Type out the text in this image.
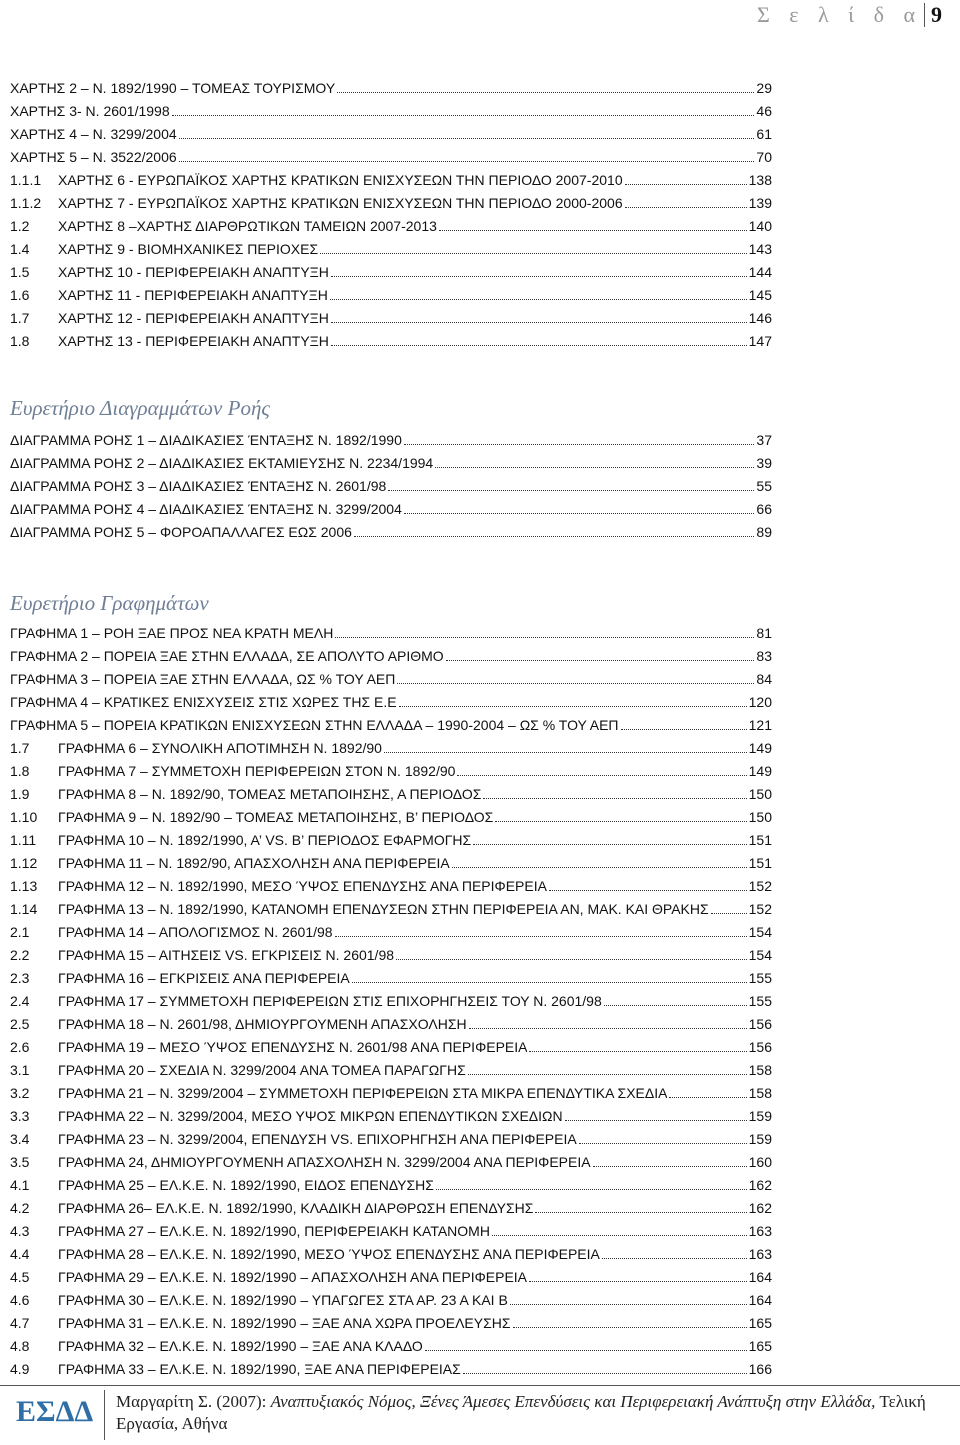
Σ ε λ ί δ α 9
ΧΑΡΤΗΣ 2 – Ν. 1892/1990 – ΤΟΜΕΑΣ ΤΟΥΡΙΣΜΟΥ	29
ΧΑΡΤΗΣ 3- Ν. 2601/1998	46
ΧΑΡΤΗΣ 4 – Ν. 3299/2004	61
ΧΑΡΤΗΣ 5 – Ν. 3522/2006	70
1.1.1	ΧΑΡΤΗΣ 6 - ΕΥΡΩΠΑΪΚΟΣ ΧΑΡΤΗΣ ΚΡΑΤΙΚΩΝ ΕΝΙΣΧΥΣΕΩΝ ΤΗΝ ΠΕΡΙΟΔΟ 2007-2010	138
1.1.2	ΧΑΡΤΗΣ 7 - ΕΥΡΩΠΑΪΚΟΣ ΧΑΡΤΗΣ ΚΡΑΤΙΚΩΝ ΕΝΙΣΧΥΣΕΩΝ ΤΗΝ ΠΕΡΙΟΔΟ 2000-2006	139
1.2	ΧΑΡΤΗΣ 8 –ΧΑΡΤΗΣ ΔΙΑΡΘΡΩΤΙΚΩΝ ΤΑΜΕΙΩΝ 2007-2013	140
1.4	ΧΑΡΤΗΣ 9 - ΒΙΟΜΗΧΑΝΙΚΕΣ ΠΕΡΙΟΧΕΣ	143
1.5	ΧΑΡΤΗΣ 10 - ΠΕΡΙΦΕΡΕΙΑΚΗ ΑΝΑΠΤΥΞΗ	144
1.6	ΧΑΡΤΗΣ 11 - ΠΕΡΙΦΕΡΕΙΑΚΗ ΑΝΑΠΤΥΞΗ	145
1.7	ΧΑΡΤΗΣ 12 - ΠΕΡΙΦΕΡΕΙΑΚΗ ΑΝΑΠΤΥΞΗ	146
1.8	ΧΑΡΤΗΣ 13 - ΠΕΡΙΦΕΡΕΙΑΚΗ ΑΝΑΠΤΥΞΗ	147
Ευρετήριο Διαγραμμάτων Ροής
ΔΙΑΓΡΑΜΜΑ ΡΟΗΣ 1 – ΔΙΑΔΙΚΑΣΙΕΣ ΈΝΤΑΞΗΣ Ν. 1892/1990	37
ΔΙΑΓΡΑΜΜΑ ΡΟΗΣ 2 – ΔΙΑΔΙΚΑΣΙΕΣ ΕΚΤΑΜΙΕΥΣΗΣ Ν. 2234/1994	39
ΔΙΑΓΡΑΜΜΑ ΡΟΗΣ 3 – ΔΙΑΔΙΚΑΣΙΕΣ ΈΝΤΑΞΗΣ Ν. 2601/98	55
ΔΙΑΓΡΑΜΜΑ ΡΟΗΣ 4 – ΔΙΑΔΙΚΑΣΙΕΣ ΈΝΤΑΞΗΣ Ν. 3299/2004	66
ΔΙΑΓΡΑΜΜΑ ΡΟΗΣ 5 – ΦΟΡΟΑΠΑΛΛΑΓΕΣ ΕΩΣ 2006	89
Ευρετήριο Γραφημάτων
ΓΡΑΦΗΜΑ 1 – ΡΟΗ ΞΑΕ ΠΡΟΣ ΝΕΑ ΚΡΑΤΗ ΜΕΛΗ	81
ΓΡΑΦΗΜΑ 2 – ΠΟΡΕΙΑ ΞΑΕ ΣΤΗΝ ΕΛΛΑΔΑ, ΣΕ ΑΠΟΛΥΤΟ ΑΡΙΘΜΟ	83
ΓΡΑΦΗΜΑ 3 – ΠΟΡΕΙΑ ΞΑΕ ΣΤΗΝ ΕΛΛΑΔΑ, ΩΣ % ΤΟΥ ΑΕΠ	84
ΓΡΑΦΗΜΑ 4 – ΚΡΑΤΙΚΕΣ ΕΝΙΣΧΥΣΕΙΣ ΣΤΙΣ ΧΩΡΕΣ ΤΗΣ Ε.Ε	120
ΓΡΑΦΗΜΑ 5 – ΠΟΡΕΙΑ ΚΡΑΤΙΚΩΝ ΕΝΙΣΧΥΣΕΩΝ ΣΤΗΝ ΕΛΛΑΔΑ – 1990-2004 – ΩΣ % ΤΟΥ ΑΕΠ	121
1.7	ΓΡΑΦΗΜΑ 6 – ΣΥΝΟΛΙΚΗ ΑΠΟΤΙΜΗΣΗ Ν. 1892/90	149
1.8	ΓΡΑΦΗΜΑ 7 – ΣΥΜΜΕΤΟΧΗ ΠΕΡΙΦΕΡΕΙΩΝ ΣΤΟΝ Ν. 1892/90	149
1.9	ΓΡΑΦΗΜΑ 8 – Ν. 1892/90, ΤΟΜΕΑΣ ΜΕΤΑΠΟΙΗΣΗΣ, Α ΠΕΡΙΟΔΟΣ	150
1.10	ΓΡΑΦΗΜΑ 9 – Ν. 1892/90 – ΤΟΜΕΑΣ ΜΕΤΑΠΟΙΗΣΗΣ, Β’ ΠΕΡΙΟΔΟΣ	150
1.11	ΓΡΑΦΗΜΑ 10 – Ν. 1892/1990, Α’ VS. Β’ ΠΕΡΙΟΔΟΣ ΕΦΑΡΜΟΓΗΣ	151
1.12	ΓΡΑΦΗΜΑ 11 – Ν. 1892/90, ΑΠΑΣΧΟΛΗΣΗ ΑΝΑ ΠΕΡΙΦΕΡΕΙΑ	151
1.13	ΓΡΑΦΗΜΑ 12 – Ν. 1892/1990, ΜΕΣΟ ΎΨΟΣ ΕΠΕΝΔΥΣΗΣ ΑΝΑ ΠΕΡΙΦΕΡΕΙΑ	152
1.14	ΓΡΑΦΗΜΑ 13 – Ν. 1892/1990, ΚΑΤΑΝΟΜΗ ΕΠΕΝΔΥΣΕΩΝ ΣΤΗΝ ΠΕΡΙΦΕΡΕΙΑ ΑΝ, ΜΑΚ. ΚΑΙ ΘΡΑΚΗΣ	152
2.1	ΓΡΑΦΗΜΑ 14 – ΑΠΟΛΟΓΙΣΜΟΣ Ν. 2601/98	154
2.2	ΓΡΑΦΗΜΑ 15 – ΑΙΤΗΣΕΙΣ VS. ΕΓΚΡΙΣΕΙΣ Ν. 2601/98	154
2.3	ΓΡΑΦΗΜΑ 16 – ΕΓΚΡΙΣΕΙΣ ΑΝΑ ΠΕΡΙΦΕΡΕΙΑ	155
2.4	ΓΡΑΦΗΜΑ 17 – ΣΥΜΜΕΤΟΧΗ ΠΕΡΙΦΕΡΕΙΩΝ ΣΤΙΣ ΕΠΙΧΟΡΗΓΗΣΕΙΣ ΤΟΥ Ν. 2601/98	155
2.5	ΓΡΑΦΗΜΑ 18 – Ν. 2601/98, ΔΗΜΙΟΥΡΓΟΥΜΕΝΗ ΑΠΑΣΧΟΛΗΣΗ	156
2.6	ΓΡΑΦΗΜΑ 19 – ΜΕΣΟ ΎΨΟΣ ΕΠΕΝΔΥΣΗΣ Ν. 2601/98 ΑΝΑ ΠΕΡΙΦΕΡΕΙΑ	156
3.1	ΓΡΑΦΗΜΑ 20 – ΣΧΕΔΙΑ Ν. 3299/2004 ΑΝΑ ΤΟΜΕΑ ΠΑΡΑΓΩΓΗΣ	158
3.2	ΓΡΑΦΗΜΑ 21 – Ν. 3299/2004 – ΣΥΜΜΕΤΟΧΗ ΠΕΡΙΦΕΡΕΙΩΝ ΣΤΑ ΜΙΚΡΑ ΕΠΕΝΔΥΤΙΚΑ ΣΧΕΔΙΑ	158
3.3	ΓΡΑΦΗΜΑ 22 – Ν. 3299/2004, ΜΕΣΟ ΥΨΟΣ ΜΙΚΡΩΝ ΕΠΕΝΔΥΤΙΚΩΝ ΣΧΕΔΙΩΝ	159
3.4	ΓΡΑΦΗΜΑ 23 – Ν. 3299/2004, ΕΠΕΝΔΥΣΗ VS. ΕΠΙΧΟΡΗΓΗΣΗ ΑΝΑ ΠΕΡΙΦΕΡΕΙΑ	159
3.5	ΓΡΑΦΗΜΑ 24, ΔΗΜΙΟΥΡΓΟΥΜΕΝΗ ΑΠΑΣΧΟΛΗΣΗ Ν. 3299/2004 ΑΝΑ ΠΕΡΙΦΕΡΕΙΑ	160
4.1	ΓΡΑΦΗΜΑ 25 – ΕΛ.Κ.Ε. Ν. 1892/1990, ΕΙΔΟΣ ΕΠΕΝΔΥΣΗΣ	162
4.2	ΓΡΑΦΗΜΑ 26– ΕΛ.Κ.Ε. Ν. 1892/1990, ΚΛΑΔΙΚΗ ΔΙΑΡΘΡΩΣΗ ΕΠΕΝΔΥΣΗΣ	162
4.3	ΓΡΑΦΗΜΑ 27 – ΕΛ.Κ.Ε. Ν. 1892/1990, ΠΕΡΙΦΕΡΕΙΑΚΗ ΚΑΤΑΝΟΜΗ	163
4.4	ΓΡΑΦΗΜΑ 28 – ΕΛ.Κ.Ε. Ν. 1892/1990, ΜΕΣΟ ΎΨΟΣ ΕΠΕΝΔΥΣΗΣ ΑΝΑ ΠΕΡΙΦΕΡΕΙΑ	163
4.5	ΓΡΑΦΗΜΑ 29 – ΕΛ.Κ.Ε. Ν. 1892/1990 – ΑΠΑΣΧΟΛΗΣΗ ΑΝΑ ΠΕΡΙΦΕΡΕΙΑ	164
4.6	ΓΡΑΦΗΜΑ 30 – ΕΛ.Κ.Ε. Ν. 1892/1990 – ΥΠΑΓΩΓΕΣ ΣΤΑ ΑΡ. 23 Α ΚΑΙ Β	164
4.7	ΓΡΑΦΗΜΑ 31 – ΕΛ.Κ.Ε. Ν. 1892/1990 – ΞΑΕ ΑΝΑ ΧΩΡΑ ΠΡΟΕΛΕΥΣΗΣ	165
4.8	ΓΡΑΦΗΜΑ 32 – ΕΛ.Κ.Ε. Ν. 1892/1990 – ΞΑΕ ΑΝΑ ΚΛΑΔΟ	165
4.9	ΓΡΑΦΗΜΑ 33 – ΕΛ.Κ.Ε. Ν. 1892/1990, ΞΑΕ ΑΝΑ ΠΕΡΙΦΕΡΕΙΑΣ	166
ΕΣΔΔ Μαργαρίτη Σ. (2007): Αναπτυξιακός Νόμος, Ξένες Άμεσες Επενδύσεις και Περιφερειακή Ανάπτυξη στην Ελλάδα, Τελική Εργασία, Αθήνα
